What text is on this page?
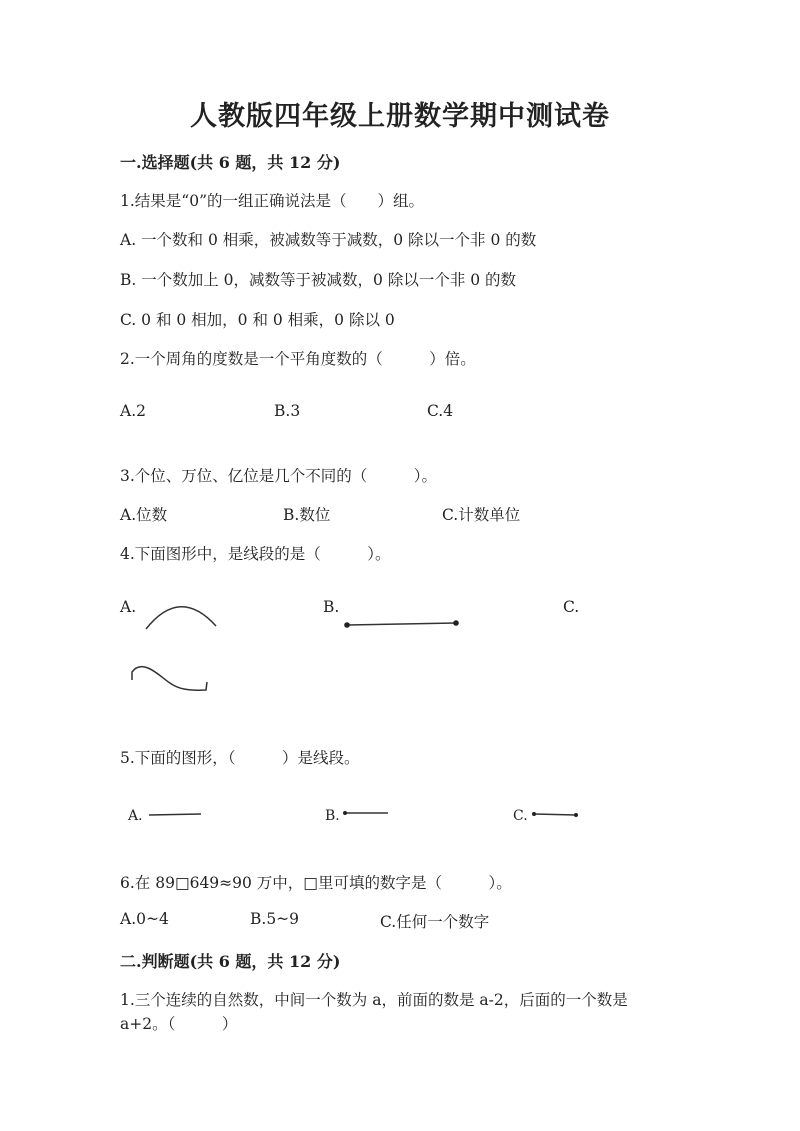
人教版四年级上册数学期中测试卷
一.选择题(共 6 题，共 12 分)
1.结果是“0”的一组正确说法是（　　）组。
A. 一个数和 0 相乘，被减数等于减数，0 除以一个非 0 的数
B. 一个数加上 0，减数等于被减数，0 除以一个非 0 的数
C. 0 和 0 相加，0 和 0 相乘，0 除以 0
2.一个周角的度数是一个平角度数的（　　　）倍。
A.2	B.3	C.4
3.个位、万位、亿位是几个不同的（　　　）。
A.位数	B.数位	C.计数单位
4.下面图形中，是线段的是（　　　）。
A.	B.	C.
5.下面的图形，（　　　）是线段。
A.	B.	C.
6.在 89□649≈90 万中，□里可填的数字是（　　　）。
A.0~4	B.5~9	C.任何一个数字
二.判断题(共 6 题，共 12 分)
1.三个连续的自然数，中间一个数为 a，前面的数是 a-2，后面的一个数是
a+2。（　　　）
